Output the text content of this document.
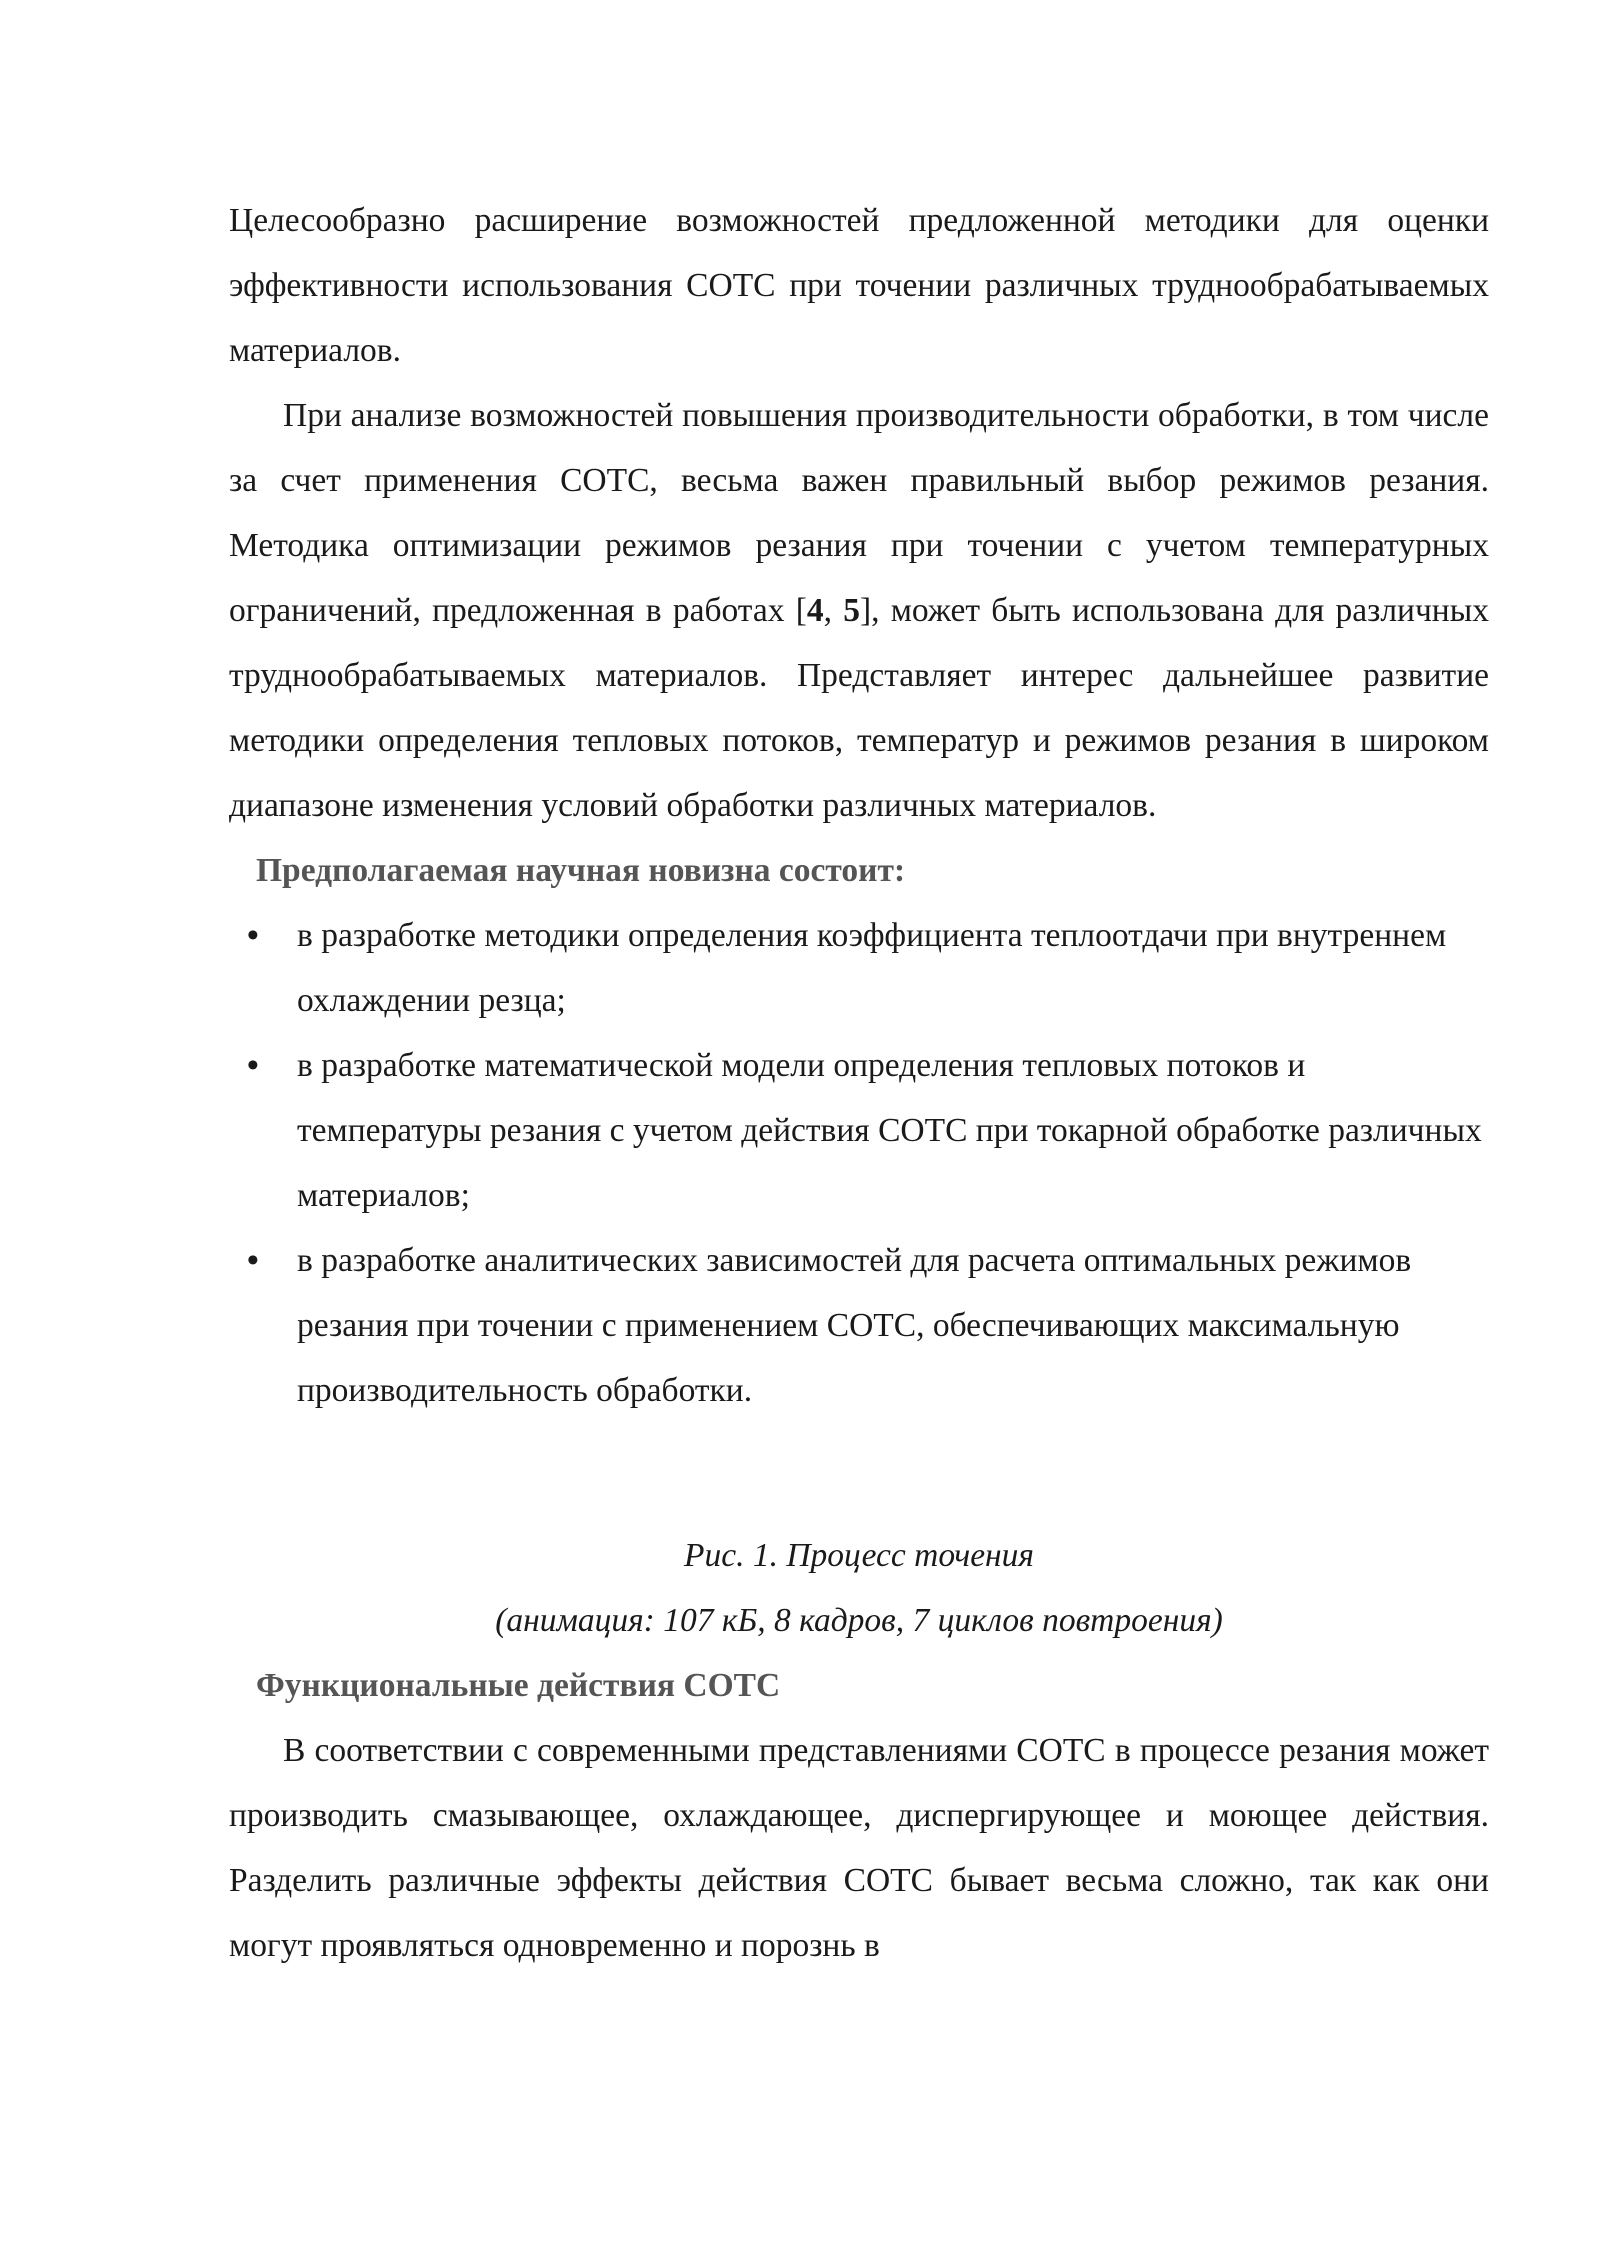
Целесообразно расширение возможностей предложенной методики для оценки эффективности использования СОТС при точении различных труднообрабатываемых материалов.

При анализе возможностей повышения производительности обработки, в том числе за счет применения СОТС, весьма важен правильный выбор режимов резания. Методика оптимизации режимов резания при точении с учетом температурных ограничений, предложенная в работах [4, 5], может быть использована для различных труднообрабатываемых материалов. Представляет интерес дальнейшее развитие методики определения тепловых потоков, температур и режимов резания в широком диапазоне изменения условий обработки различных материалов.

Предполагаемая научная новизна состоит:

• в разработке методики определения коэффициента теплоотдачи при внутреннем охлаждении резца;
• в разработке математической модели определения тепловых потоков и температуры резания с учетом действия СОТС при токарной обработке различных материалов;
• в разработке аналитических зависимостей для расчета оптимальных режимов резания при точении с применением СОТС, обеспечивающих максимальную производительность обработки.

Рис. 1. Процесс точения

(анимация: 107 кБ, 8 кадров, 7 циклов повтроения)

Функциональные действия СОТС

В соответствии с современными представлениями СОТС в процессе резания может производить смазывающее, охлаждающее, диспергирующее и моющее действия. Разделить различные эффекты действия СОТС бывает весьма сложно, так как они могут проявляться одновременно и порознь в
